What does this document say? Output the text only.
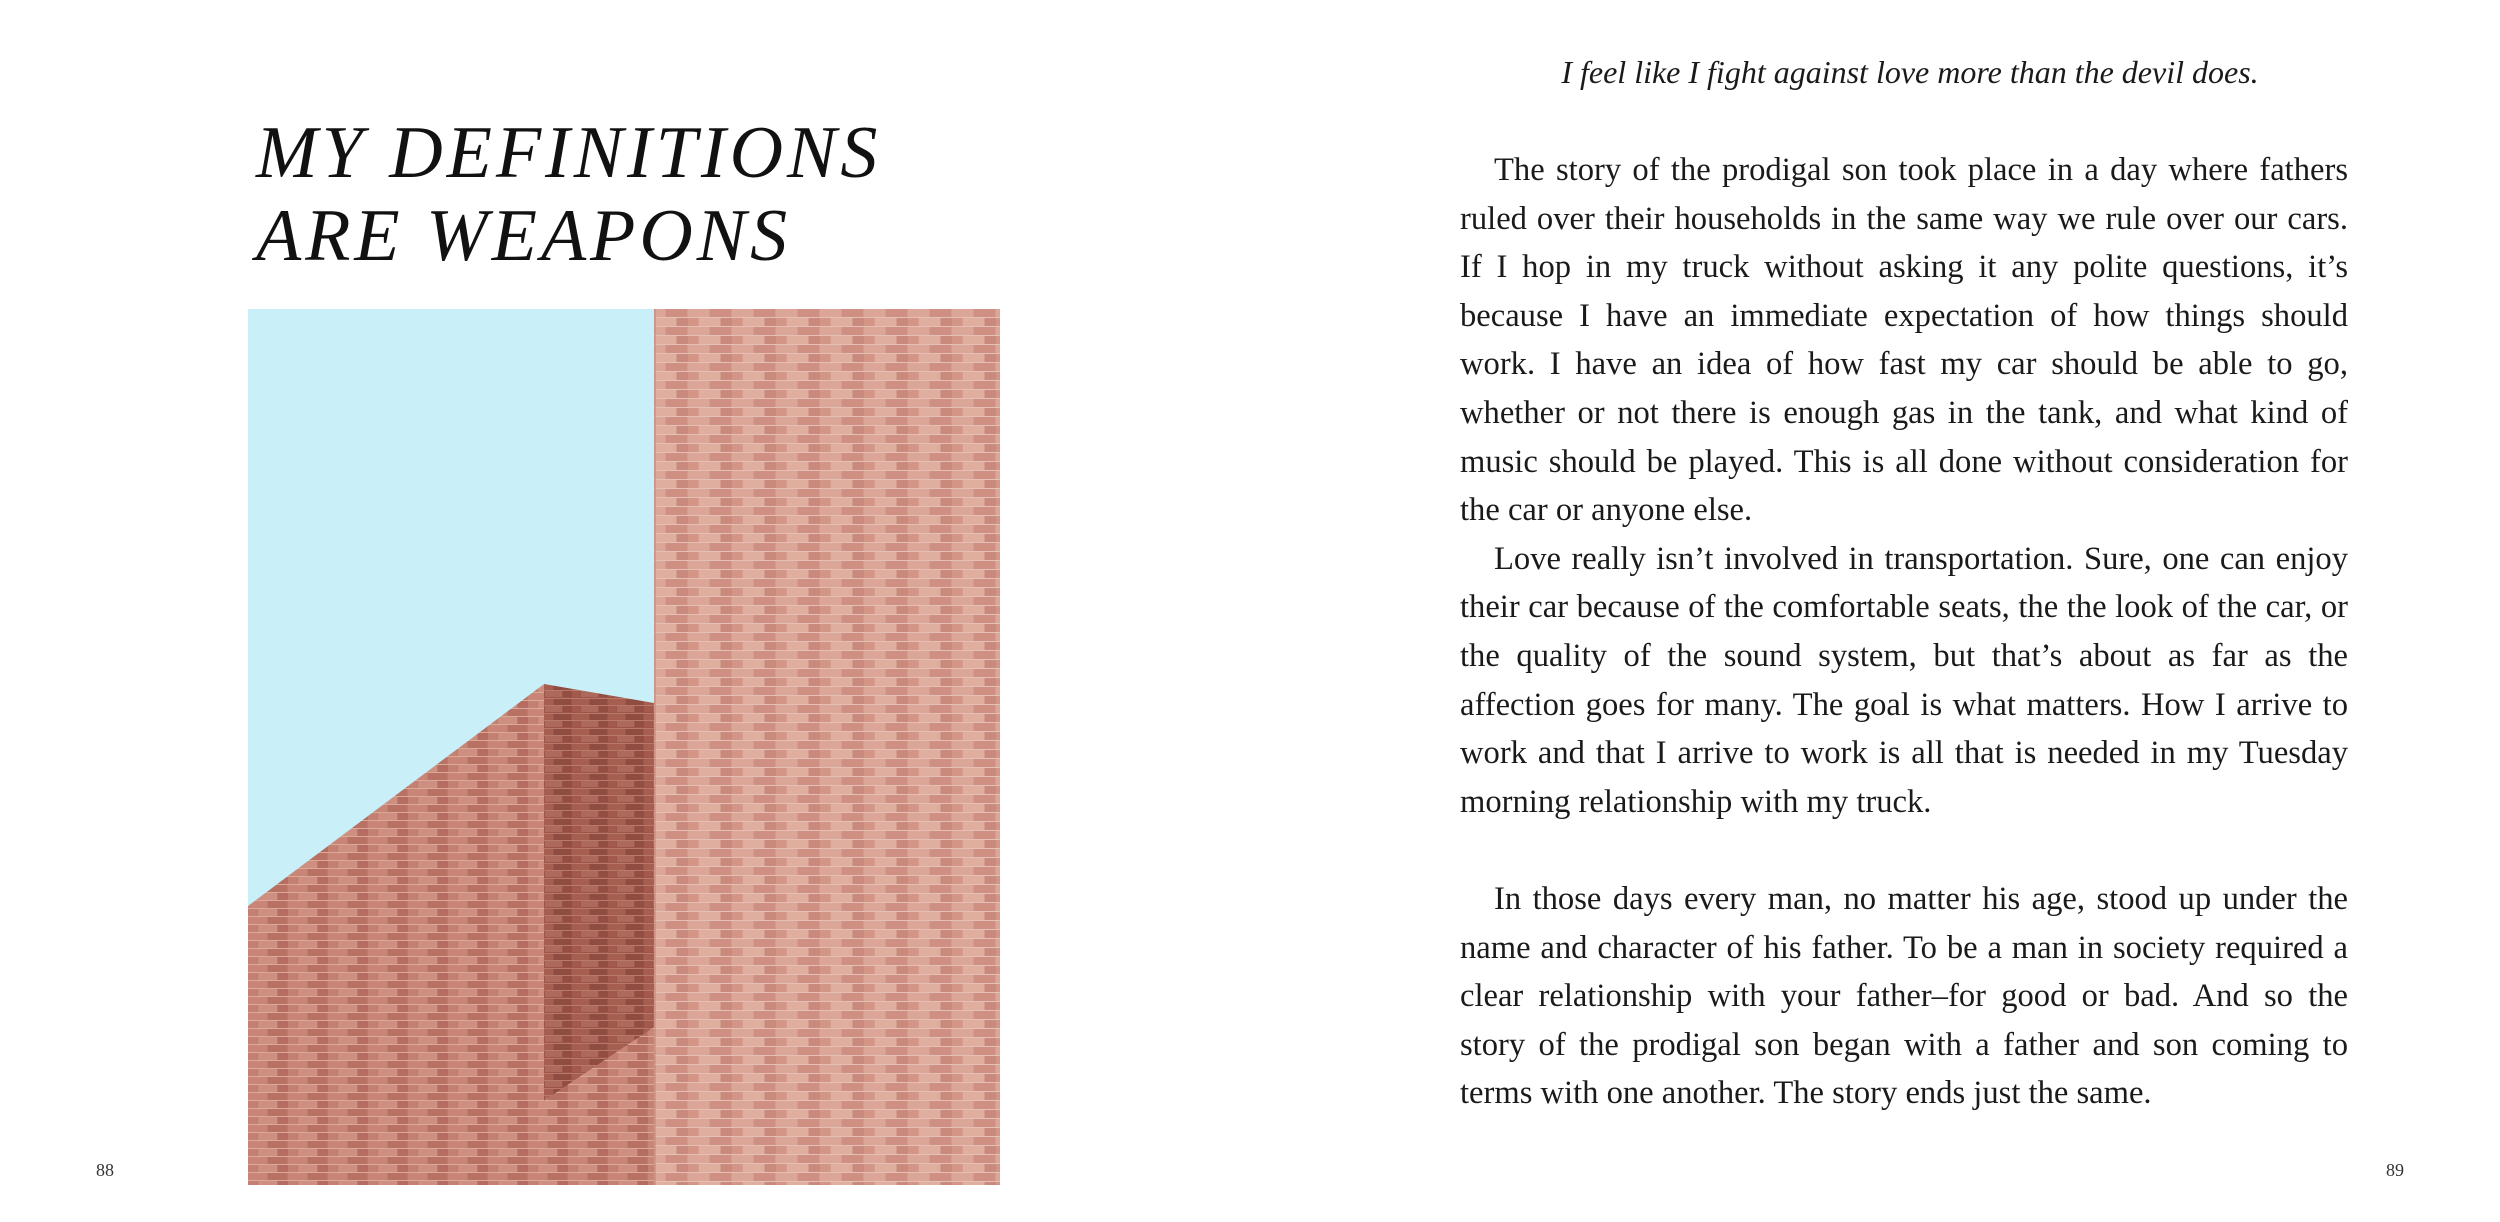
MY DEFINITIONS
ARE WEAPONS
88
I feel like I fight against love more than the devil does.

The story of the prodigal son took place in a day where fathers ruled over their households in the same way we rule over our cars. If I hop in my truck without asking it any polite questions, it’s because I have an immediate expectation of how things should work. I have an idea of how fast my car should be able to go, whether or not there is enough gas in the tank, and what kind of music should be played. This is all done without consideration for the car or anyone else.

Love really isn’t involved in transportation. Sure, one can enjoy their car because of the comfortable seats, the the look of the car, or the quality of the sound system, but that’s about as far as the affection goes for many. The goal is what matters. How I arrive to work and that I arrive to work is all that is needed in my Tuesday morning relationship with my truck.

In those days every man, no matter his age, stood up under the name and character of his father. To be a man in society required a clear relationship with your father–for good or bad. And so the story of the prodigal son began with a father and son coming to terms with one another. The story ends just the same.

89
